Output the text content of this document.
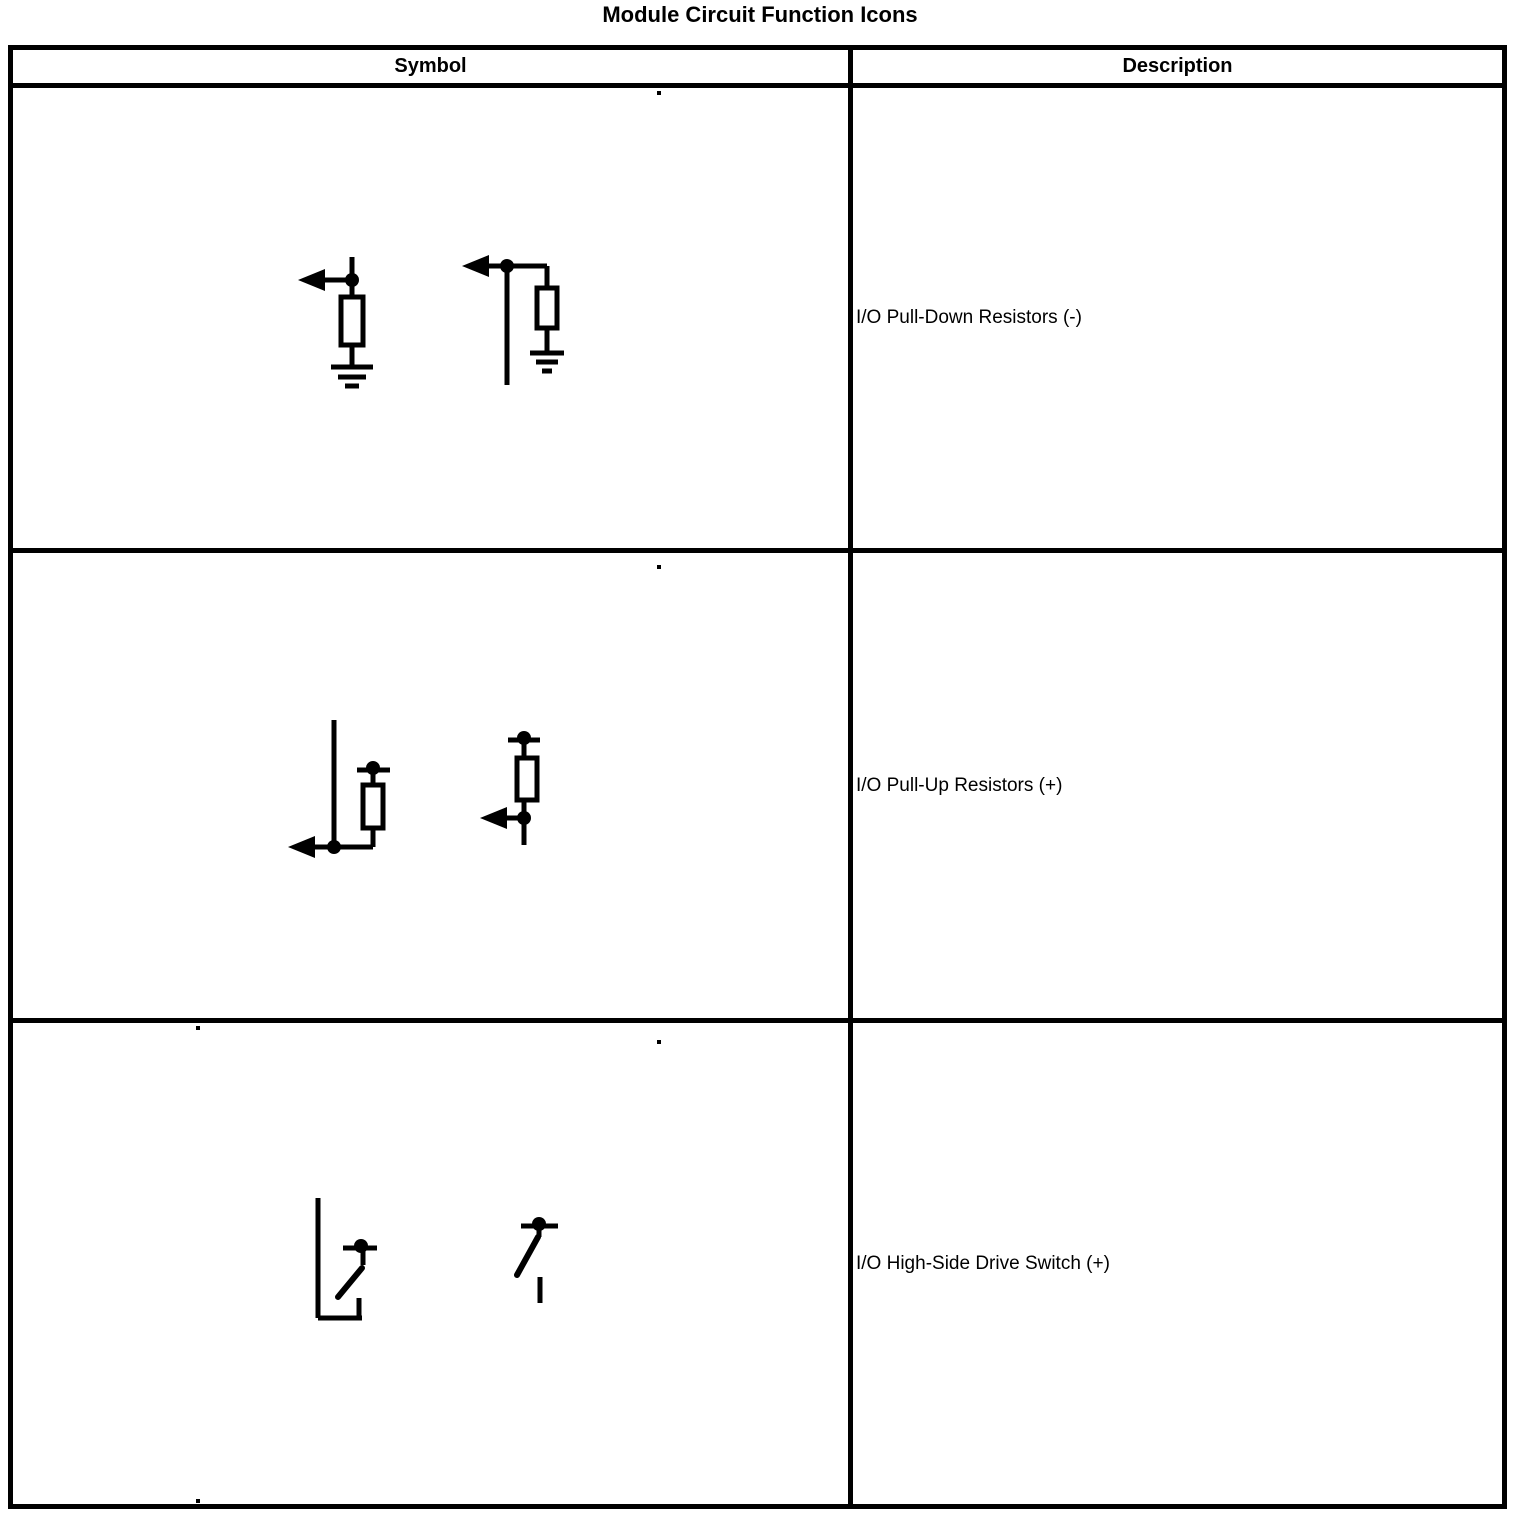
Module Circuit Function Icons
Symbol	Description
I/O Pull-Down Resistors (-)
I/O Pull-Up Resistors (+)
I/O High-Side Drive Switch (+)
